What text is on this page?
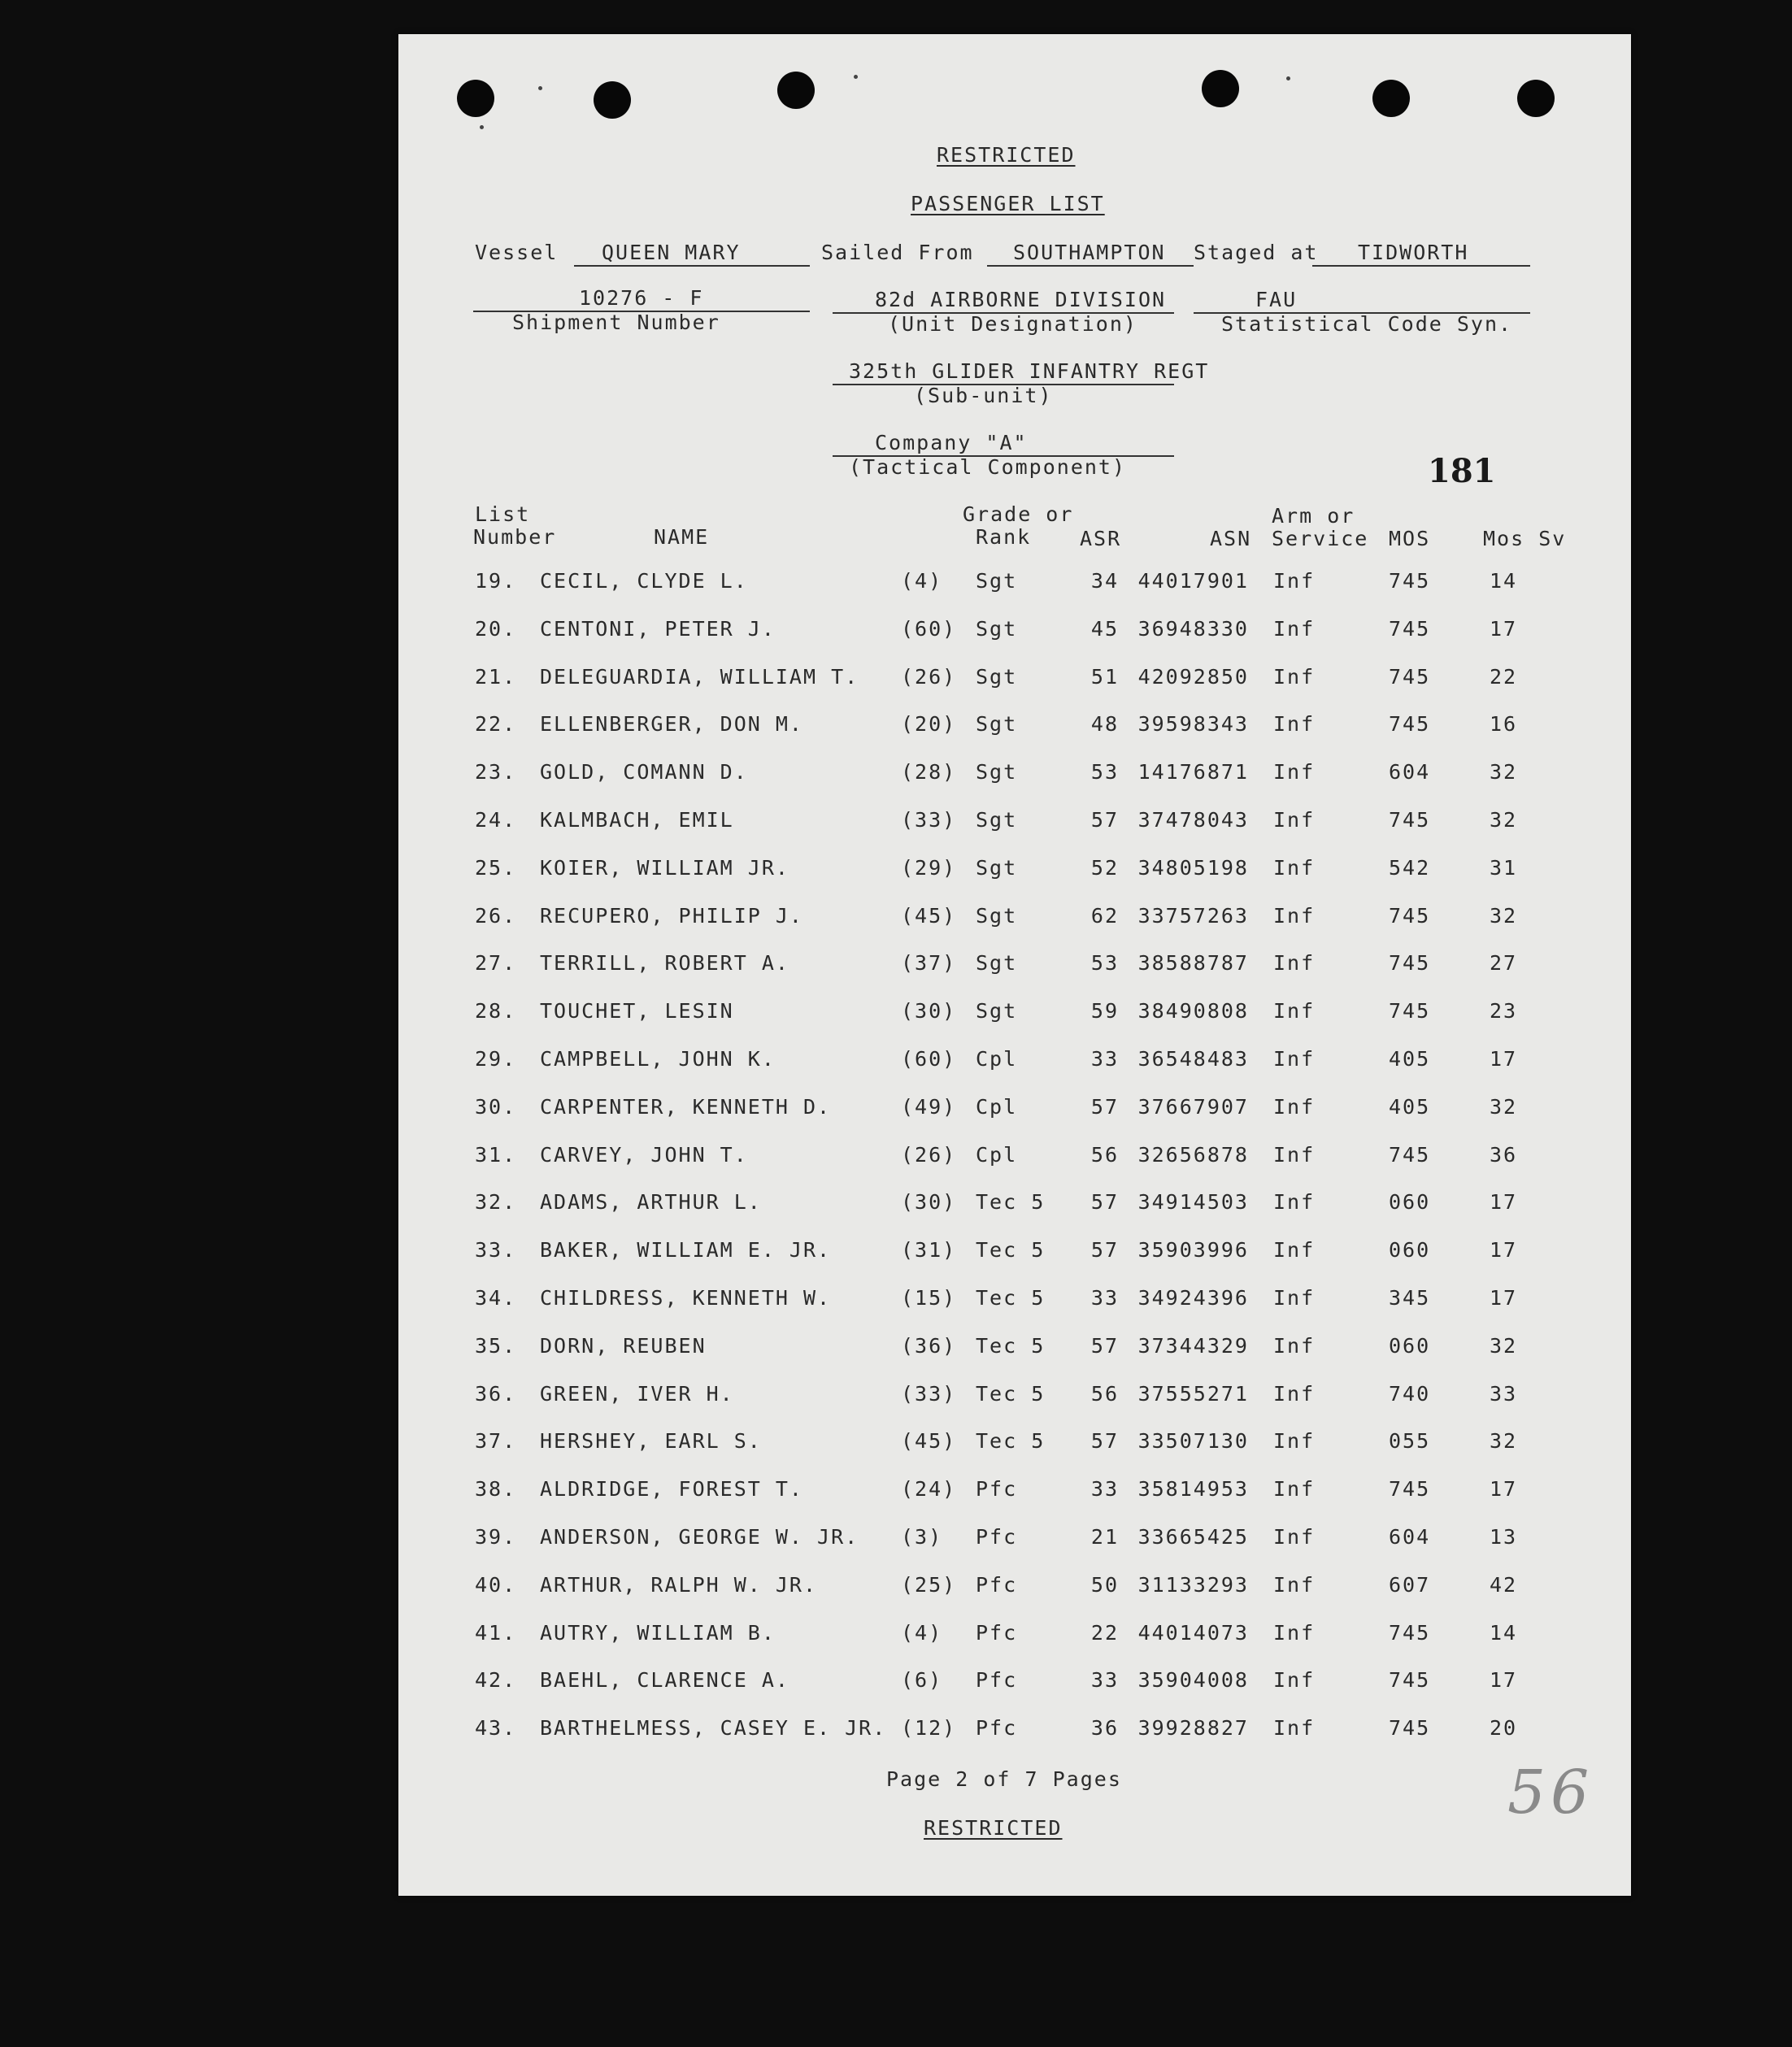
RESTRICTED
PASSENGER LIST
Vessel QUEEN MARY	Sailed From SOUTHAMPTON Staged at TIDWORTH
10276 - F
Shipment Number
82d AIRBORNE DIVISION
(Unit Designation)
FAU
Statistical Code Syn.
325th GLIDER INFANTRY REGT
(Sub-unit)
Company "A"
(Tactical Component)	181
List
Number	NAME
Grade or
Rank ASR	ASN
Arm or
Service MOS	Mos Sv
19. CECIL, CLYDE L.	(4) Sgt	34 44017901 Inf	745	14
20. CENTONI, PETER J.	(60) Sgt	45 36948330 Inf	745	17
21. DELEGUARDIA, WILLIAM T. (26) Sgt	51 42092850 Inf	745	22
22. ELLENBERGER, DON M.	(20) Sgt	48 39598343 Inf	745	16
23. GOLD, COMANN D.	(28) Sgt	53 14176871 Inf	604	32
24. KALMBACH, EMIL	(33) Sgt	57 37478043 Inf	745	32
25. KOIER, WILLIAM JR.	(29) Sgt	52 34805198 Inf	542	31
26. RECUPERO, PHILIP J.	(45) Sgt	62 33757263 Inf	745	32
27. TERRILL, ROBERT A.	(37) Sgt	53 38588787 Inf	745	27
28. TOUCHET, LESIN	(30) Sgt	59 38490808 Inf	745	23
29. CAMPBELL, JOHN K.	(60) Cpl	33 36548483 Inf	405	17
30. CARPENTER, KENNETH D.	(49) Cpl	57 37667907 Inf	405	32
31. CARVEY, JOHN T.	(26) Cpl	56 32656878 Inf	745	36
32. ADAMS, ARTHUR L.	(30) Tec 5	57 34914503 Inf	060	17
33. BAKER, WILLIAM E. JR.	(31) Tec 5	57 35903996 Inf	060	17
34. CHILDRESS, KENNETH W.	(15) Tec 5	33 34924396 Inf	345	17
35. DORN, REUBEN	(36) Tec 5	57 37344329 Inf	060	32
36. GREEN, IVER H.	(33) Tec 5	56 37555271 Inf	740	33
37. HERSHEY, EARL S.	(45) Tec 5	57 33507130 Inf	055	32
38. ALDRIDGE, FOREST T.	(24) Pfc	33 35814953 Inf	745	17
39. ANDERSON, GEORGE W. JR. (3) Pfc	21 33665425 Inf	604	13
40. ARTHUR, RALPH W. JR.	(25) Pfc	50 31133293 Inf	607	42
41. AUTRY, WILLIAM B.	(4) Pfc	22 44014073 Inf	745	14
42. BAEHL, CLARENCE A.	(6) Pfc	33 35904008 Inf	745	17
43. BARTHELMESS, CASEY E. JR. (12) Pfc	36 39928827 Inf	745	20
Page 2 of 7 Pages
RESTRICTED
56
